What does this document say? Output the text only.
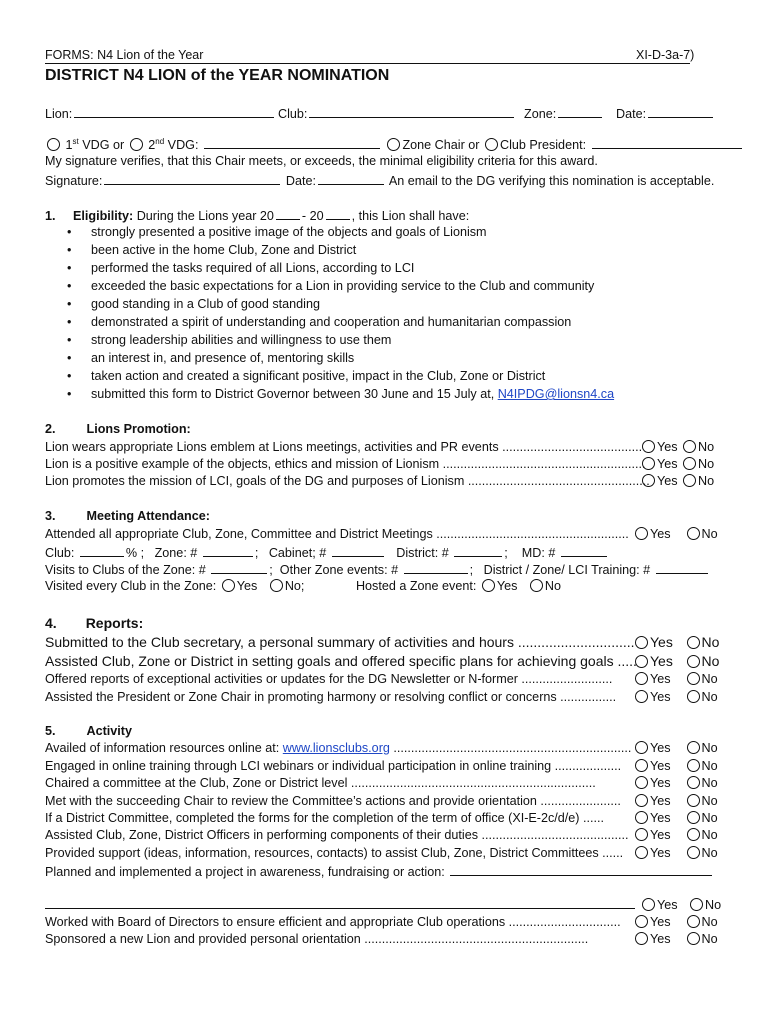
FORMS: N4 Lion of the Year	XI-D-3a-7)
DISTRICT N4 LION of the YEAR NOMINATION
Lion:	Club:	Zone:	Date:
1st VDG or  2nd VDG:	Zone Chair or Club President:
My signature verifies, that this Chair meets, or exceeds, the minimal eligibility criteria for this award.
Signature:	Date:	An email to the DG verifying this nomination is acceptable.
1. Eligibility: During the Lions year 20 - 20 , this Lion shall have:
strongly presented a positive image of the objects and goals of Lionism
been active in the home Club, Zone and District
performed the tasks required of all Lions, according to LCI
exceeded the basic expectations for a Lion in providing service to the Club and community
good standing in a Club of good standing
demonstrated a spirit of understanding and cooperation and humanitarian compassion
strong leadership abilities and willingness to use them
an interest in, and presence of, mentoring skills
taken action and created a significant positive, impact in the Club, Zone or District
submitted this form to District Governor between 30 June and 15 July at, N4IPDG@lionsn4.ca
2. Lions Promotion:
Lion wears appropriate Lions emblem at Lions meetings, activities and PR events ........................................	Yes No
Lion is a positive example of the objects, ethics and mission of Lionism .......................................................... Yes No
Lion promotes the mission of LCI, goals of the DG and purposes of Lionism .................................................... Yes No
3. Meeting Attendance:
Attended all appropriate Club, Zone, Committee and District Meetings .......................................................	Yes No
Club:	% ; Zone: #	; Cabinet; #	District: #	; MD: #
Visits to Clubs of the Zone: #	; Other Zone events: #	; District / Zone/ LCI Training: #
Visited every Club in the Zone: Yes No;	Hosted a Zone event: Yes No
4. Reports:
Submitted to the Club secretary, a personal summary of activities and hours ..............................	Yes No
Assisted Club, Zone or District in setting goals and offered specific plans for achieving goals ..... Yes No
Offered reports of exceptional activities or updates for the DG Newsletter or N-former ..........................	Yes No
Assisted the President or Zone Chair in promoting harmony or resolving conflict or concerns ................	Yes No
5. Activity
Availed of information resources online at: www.lionsclubs.org ....................................................................	Yes No
Engaged in online training through LCI webinars or individual participation in online training ...................	Yes No
Chaired a committee at the Club, Zone or District level ......................................................................	Yes No
Met with the succeeding Chair to review the Committee’s actions and provide orientation .......................	Yes No
If a District Committee, completed the forms for the completion of the term of office (XI-E-2c/d/e) ......	Yes No
Assisted Club, Zone, District Officers in performing components of their duties ..........................................	Yes No
Provided support (ideas, information, resources, contacts) to assist Club, Zone, District Committees ......	Yes No
Planned and implemented a project in awareness, fundraising or action:
Yes No
Worked with Board of Directors to ensure efficient and appropriate Club operations ................................	Yes No
Sponsored a new Lion and provided personal orientation ................................................................	Yes No
